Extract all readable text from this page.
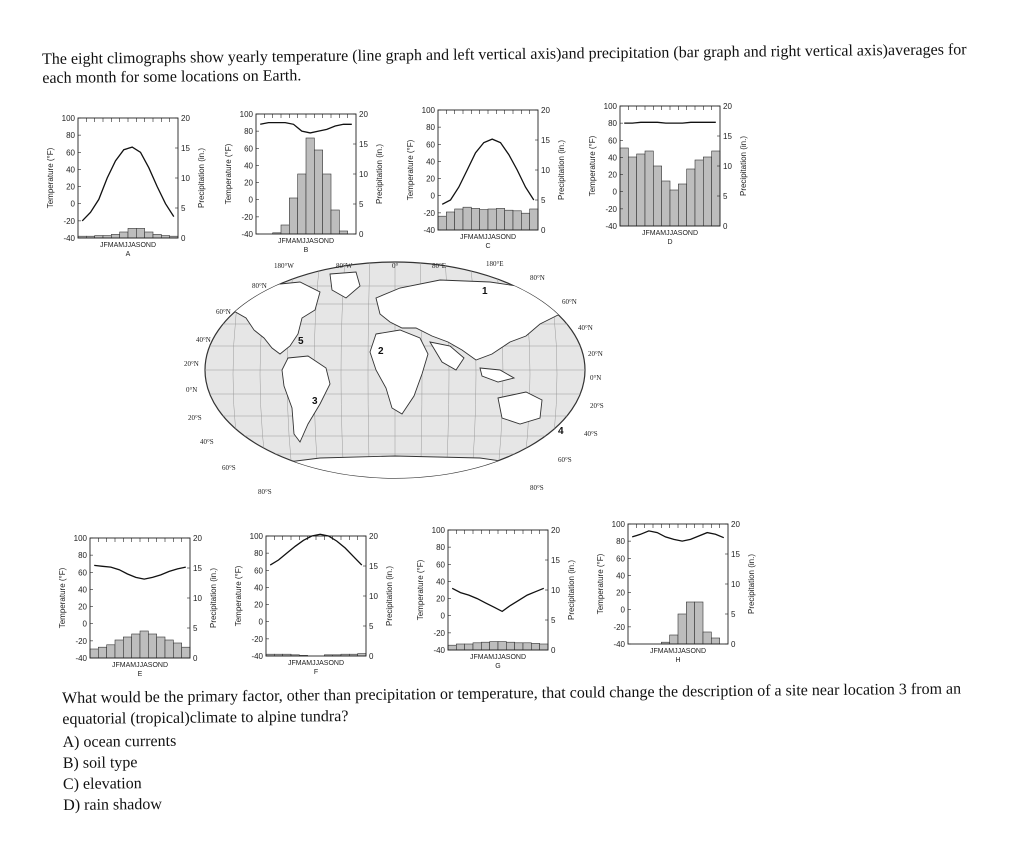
The eight climographs show yearly temperature (line graph and left vertical axis)and precipitation (bar graph and right vertical axis)averages for each month for some locations on Earth.
100
80
60
40
20
0
-20
-40
20
15
10
5
0
Temperature (°F)	Precipitation (in.)
JFMAMJJASOND
A
100
80
60
40
20
0
-20
-40
20
15
10
5
0
Temperature (°F)	Precipitation (in.)
JFMAMJJASOND
B
100
80
60
40
20
0
-20
-40
20
15
10
5
0
Temperature (°F)	Precipitation (in.)
JFMAMJJASOND
C
100
80
60
40
20
0
-20
-40
20
15
10
5
0
Temperature (°F)	Precipitation (in.)
JFMAMJJASOND
D
100
80
60
40
20
0
-20
-40
20
15
10
5
0
Temperature (°F)	Precipitation (in.)
JFMAMJJASOND
E
100
80
60
40
20
0
-20
-40
20
15
10
5
0
Temperature (°F)	Precipitation (in.)
JFMAMJJASOND
F
100
80
60
40
20
0
-20
-40
20
15
10
5
0
Temperature (°F)	Precipitation (in.)
JFMAMJJASOND
G
100
80
60
40
20
0
-20
-40
20
15
10
5
0
Temperature (°F)	Precipitation (in.)
JFMAMJJASOND
H
180°W	80°W	0°	80°E	180°E
80°N
60°N
40°N
20°N
0°N
20°S
40°S
60°S
80°S
80°N
60°N
40°N
20°N
0°N
20°S
40°S
60°S
80°S
1
2
3
4
5
What would be the primary factor, other than precipitation or temperature, that could change the description of a site near location 3 from an equatorial (tropical)climate to alpine tundra?
A) ocean currents
B) soil type
C) elevation
D) rain shadow
